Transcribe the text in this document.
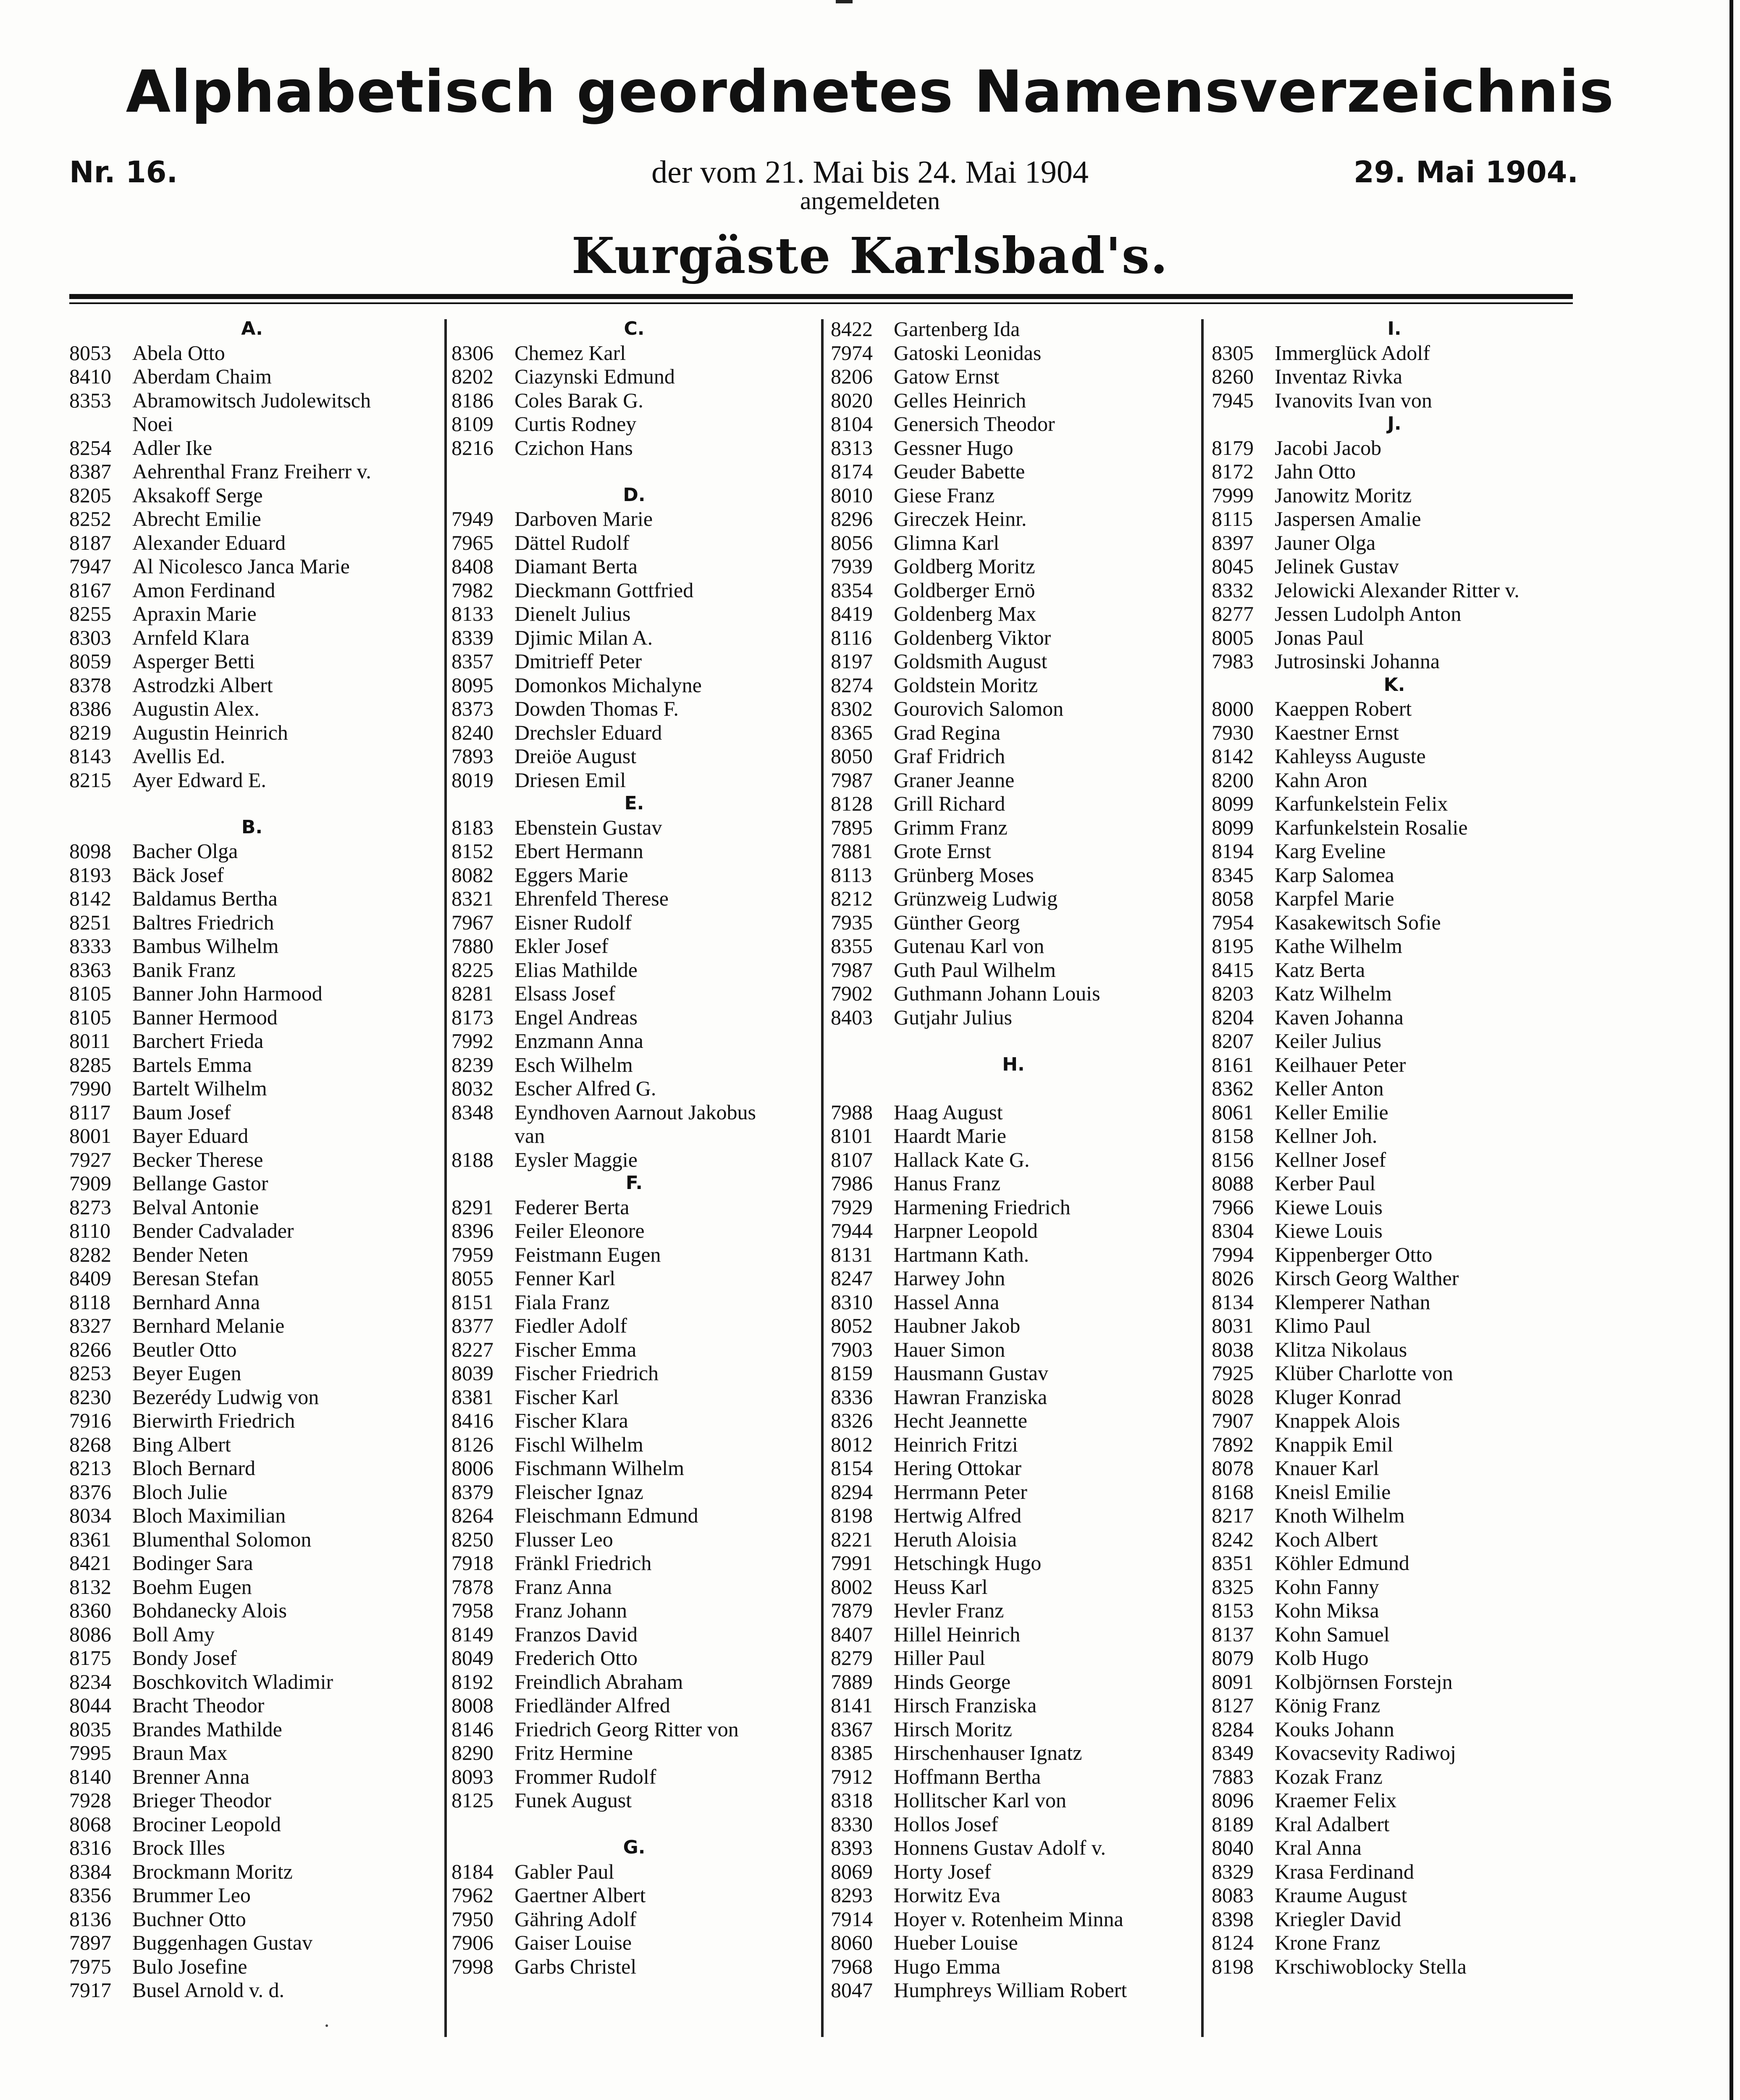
Alphabetisch geordnetes Namensverzeichnis
Nr. 16.	der vom 21. Mai bis 24. Mai 1904
angemeldeten
29. Mai 1904.
Kurgäste Karlsbad's.
A.
8053 Abela Otto
8410 Aberdam Chaim
8353 Abramowitsch Judolewitsch
Noei
8254 Adler Ike
8387 Aehrenthal Franz Freiherr v.
8205 Aksakoff Serge
8252 Abrecht Emilie
8187 Alexander Eduard
7947 Al Nicolesco Janca Marie
8167 Amon Ferdinand
8255 Apraxin Marie
8303 Arnfeld Klara
8059 Asperger Betti
8378 Astrodzki Albert
8386 Augustin Alex.
8219 Augustin Heinrich
8143 Avellis Ed.
8215 Ayer Edward E.
B.
8098 Bacher Olga
8193 Bäck Josef
8142 Baldamus Bertha
8251 Baltres Friedrich
8333 Bambus Wilhelm
8363 Banik Franz
8105 Banner John Harmood
8105 Banner Hermood
8011 Barchert Frieda
8285 Bartels Emma
7990 Bartelt Wilhelm
8117 Baum Josef
8001 Bayer Eduard
7927 Becker Therese
7909 Bellange Gastor
8273 Belval Antonie
8110 Bender Cadvalader
8282 Bender Neten
8409 Beresan Stefan
8118 Bernhard Anna
8327 Bernhard Melanie
8266 Beutler Otto
8253 Beyer Eugen
8230 Bezerédy Ludwig von
7916 Bierwirth Friedrich
8268 Bing Albert
8213 Bloch Bernard
8376 Bloch Julie
8034 Bloch Maximilian
8361 Blumenthal Solomon
8421 Bodinger Sara
8132 Boehm Eugen
8360 Bohdanecky Alois
8086 Boll Amy
8175 Bondy Josef
8234 Boschkovitch Wladimir
8044 Bracht Theodor
8035 Brandes Mathilde
7995 Braun Max
8140 Brenner Anna
7928 Brieger Theodor
8068 Brociner Leopold
8316 Brock Illes
8384 Brockmann Moritz
8356 Brummer Leo
8136 Buchner Otto
7897 Buggenhagen Gustav
7975 Bulo Josefine
7917 Busel Arnold v. d.
C.
8306 Chemez Karl
8202 Ciazynski Edmund
8186 Coles Barak G.
8109 Curtis Rodney
8216 Czichon Hans
D.
7949 Darboven Marie
7965 Dättel Rudolf
8408 Diamant Berta
7982 Dieckmann Gottfried
8133 Dienelt Julius
8339 Djimic Milan A.
8357 Dmitrieff Peter
8095 Domonkos Michalyne
8373 Dowden Thomas F.
8240 Drechsler Eduard
7893 Dreiöe August
8019 Driesen Emil
E.
8183 Ebenstein Gustav
8152 Ebert Hermann
8082 Eggers Marie
8321 Ehrenfeld Therese
7967 Eisner Rudolf
7880 Ekler Josef
8225 Elias Mathilde
8281 Elsass Josef
8173 Engel Andreas
7992 Enzmann Anna
8239 Esch Wilhelm
8032 Escher Alfred G.
8348 Eyndhoven Aarnout Jakobus
van
8188 Eysler Maggie
F.
8291 Federer Berta
8396 Feiler Eleonore
7959 Feistmann Eugen
8055 Fenner Karl
8151 Fiala Franz
8377 Fiedler Adolf
8227 Fischer Emma
8039 Fischer Friedrich
8381 Fischer Karl
8416 Fischer Klara
8126 Fischl Wilhelm
8006 Fischmann Wilhelm
8379 Fleischer Ignaz
8264 Fleischmann Edmund
8250 Flusser Leo
7918 Fränkl Friedrich
7878 Franz Anna
7958 Franz Johann
8149 Franzos David
8049 Frederich Otto
8192 Freindlich Abraham
8008 Friedländer Alfred
8146 Friedrich Georg Ritter von
8290 Fritz Hermine
8093 Frommer Rudolf
8125 Funek August
G.
8184 Gabler Paul
7962 Gaertner Albert
7950 Gähring Adolf
7906 Gaiser Louise
7998 Garbs Christel
8422 Gartenberg Ida
7974 Gatoski Leonidas
8206 Gatow Ernst
8020 Gelles Heinrich
8104 Genersich Theodor
8313 Gessner Hugo
8174 Geuder Babette
8010 Giese Franz
8296 Gireczek Heinr.
8056 Glimna Karl
7939 Goldberg Moritz
8354 Goldberger Ernö
8419 Goldenberg Max
8116 Goldenberg Viktor
8197 Goldsmith August
8274 Goldstein Moritz
8302 Gourovich Salomon
8365 Grad Regina
8050 Graf Fridrich
7987 Graner Jeanne
8128 Grill Richard
7895 Grimm Franz
7881 Grote Ernst
8113 Grünberg Moses
8212 Grünzweig Ludwig
7935 Günther Georg
8355 Gutenau Karl von
7987 Guth Paul Wilhelm
7902 Guthmann Johann Louis
8403 Gutjahr Julius
H.
7988 Haag August
8101 Haardt Marie
8107 Hallack Kate G.
7986 Hanus Franz
7929 Harmening Friedrich
7944 Harpner Leopold
8131 Hartmann Kath.
8247 Harwey John
8310 Hassel Anna
8052 Haubner Jakob
7903 Hauer Simon
8159 Hausmann Gustav
8336 Hawran Franziska
8326 Hecht Jeannette
8012 Heinrich Fritzi
8154 Hering Ottokar
8294 Herrmann Peter
8198 Hertwig Alfred
8221 Heruth Aloisia
7991 Hetschingk Hugo
8002 Heuss Karl
7879 Hevler Franz
8407 Hillel Heinrich
8279 Hiller Paul
7889 Hinds George
8141 Hirsch Franziska
8367 Hirsch Moritz
8385 Hirschenhauser Ignatz
7912 Hoffmann Bertha
8318 Hollitscher Karl von
8330 Hollos Josef
8393 Honnens Gustav Adolf v.
8069 Horty Josef
8293 Horwitz Eva
7914 Hoyer v. Rotenheim Minna
8060 Hueber Louise
7968 Hugo Emma
8047 Humphreys William Robert
I.
8305 Immerglück Adolf
8260 Inventаz Rivka
7945 Ivanovits Ivan von
J.
8179 Jacobi Jacob
8172 Jahn Otto
7999 Janowitz Moritz
8115 Jaspersen Amalie
8397 Jauner Olga
8045 Jelinek Gustav
8332 Jelowicki Alexander Ritter v.
8277 Jessen Ludolph Anton
8005 Jonas Paul
7983 Jutrosinski Johanna
K.
8000 Kaeppen Robert
7930 Kaestner Ernst
8142 Kahleyss Auguste
8200 Kahn Aron
8099 Karfunkelstein Felix
8099 Karfunkelstein Rosalie
8194 Karg Eveline
8345 Karp Salomea
8058 Karpfel Marie
7954 Kasakewitsch Sofie
8195 Kathe Wilhelm
8415 Katz Berta
8203 Katz Wilhelm
8204 Kaven Johanna
8207 Keiler Julius
8161 Keilhauer Peter
8362 Keller Anton
8061 Keller Emilie
8158 Kellner Joh.
8156 Kellner Josef
8088 Kerber Paul
7966 Kiewe Louis
8304 Kiewe Louis
7994 Kippenberger Otto
8026 Kirsch Georg Walther
8134 Klemperer Nathan
8031 Klimo Paul
8038 Klitza Nikolaus
7925 Klüber Charlotte von
8028 Kluger Konrad
7907 Knappek Alois
7892 Knappik Emil
8078 Knauer Karl
8168 Kneisl Emilie
8217 Knoth Wilhelm
8242 Koch Albert
8351 Köhler Edmund
8325 Kohn Fanny
8153 Kohn Miksa
8137 Kohn Samuel
8079 Kolb Hugo
8091 Kolbjörnsen Forstejn
8127 König Franz
8284 Kouks Johann
8349 Kovacsevity Radiwoj
7883 Kozak Franz
8096 Kraemer Felix
8189 Kral Adalbert
8040 Kral Anna
8329 Krasa Ferdinand
8083 Kraume August
8398 Kriegler David
8124 Krone Franz
8198 Krschiwoblocky Stella
